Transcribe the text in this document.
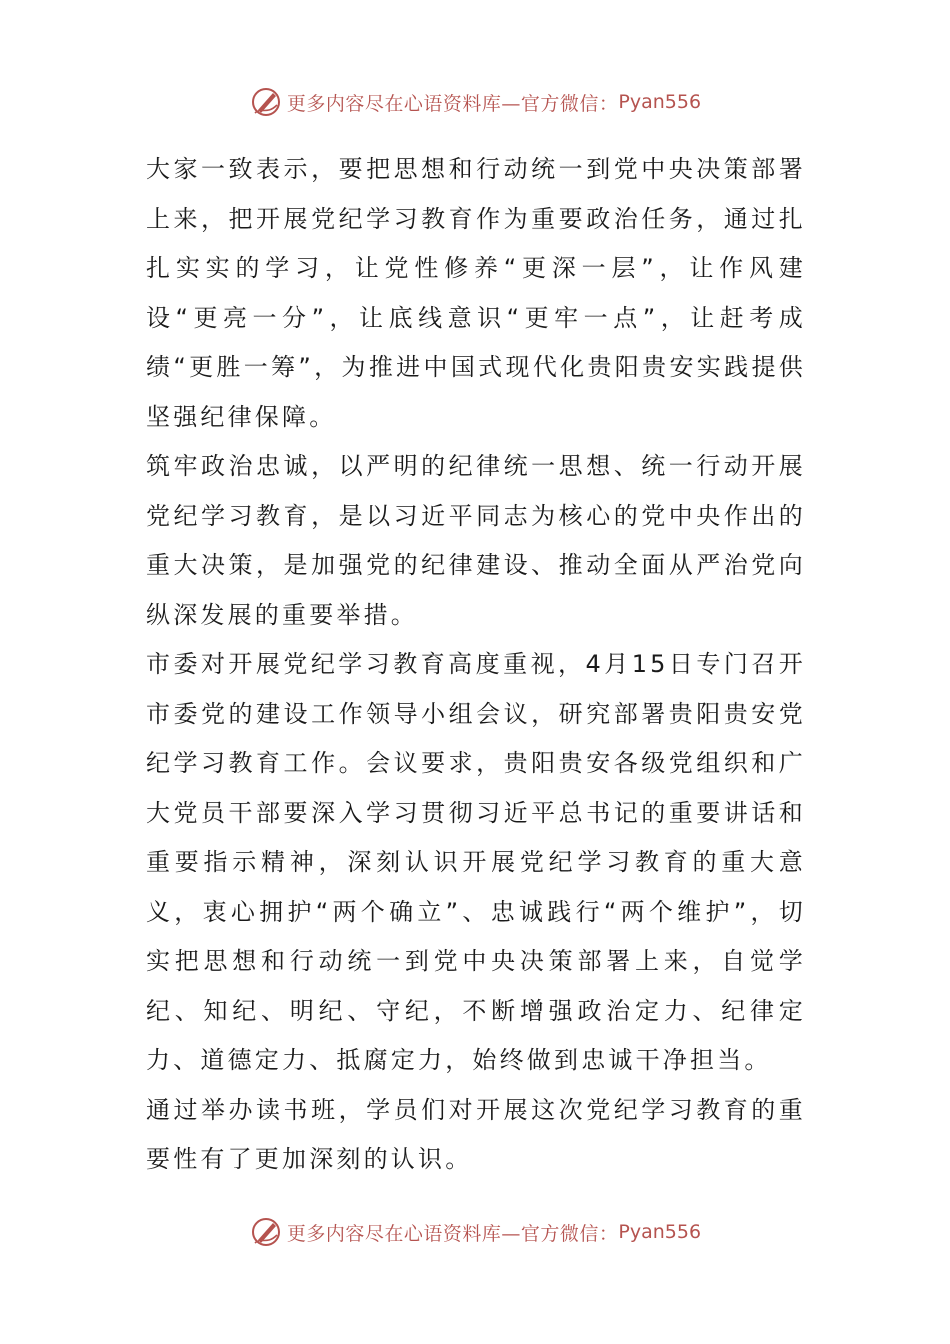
更多内容尽在心语资料库—官方微信： Pyan556

大家一致表示，要把思想和行动统一到党中央决策部署上来，把开展党纪学习教育作为重要政治任务，通过扎扎实实的学习，让党性修养“更深一层”，让作风建设“更亮一分”，让底线意识“更牢一点”，让赶考成绩“更胜一筹”，为推进中国式现代化贵阳贵安实践提供坚强纪律保障。

筑牢政治忠诚，以严明的纪律统一思想、统一行动开展党纪学习教育，是以习近平同志为核心的党中央作出的重大决策，是加强党的纪律建设、推动全面从严治党向纵深发展的重要举措。

市委对开展党纪学习教育高度重视，4月15日专门召开市委党的建设工作领导小组会议，研究部署贵阳贵安党纪学习教育工作。会议要求，贵阳贵安各级党组织和广大党员干部要深入学习贯彻习近平总书记的重要讲话和重要指示精神，深刻认识开展党纪学习教育的重大意义，衷心拥护“两个确立”、忠诚践行“两个维护”，切实把思想和行动统一到党中央决策部署上来，自觉学纪、知纪、明纪、守纪，不断增强政治定力、纪律定力、道德定力、抵腐定力，始终做到忠诚干净担当。

通过举办读书班，学员们对开展这次党纪学习教育的重要性有了更加深刻的认识。

更多内容尽在心语资料库—官方微信： Pyan556
